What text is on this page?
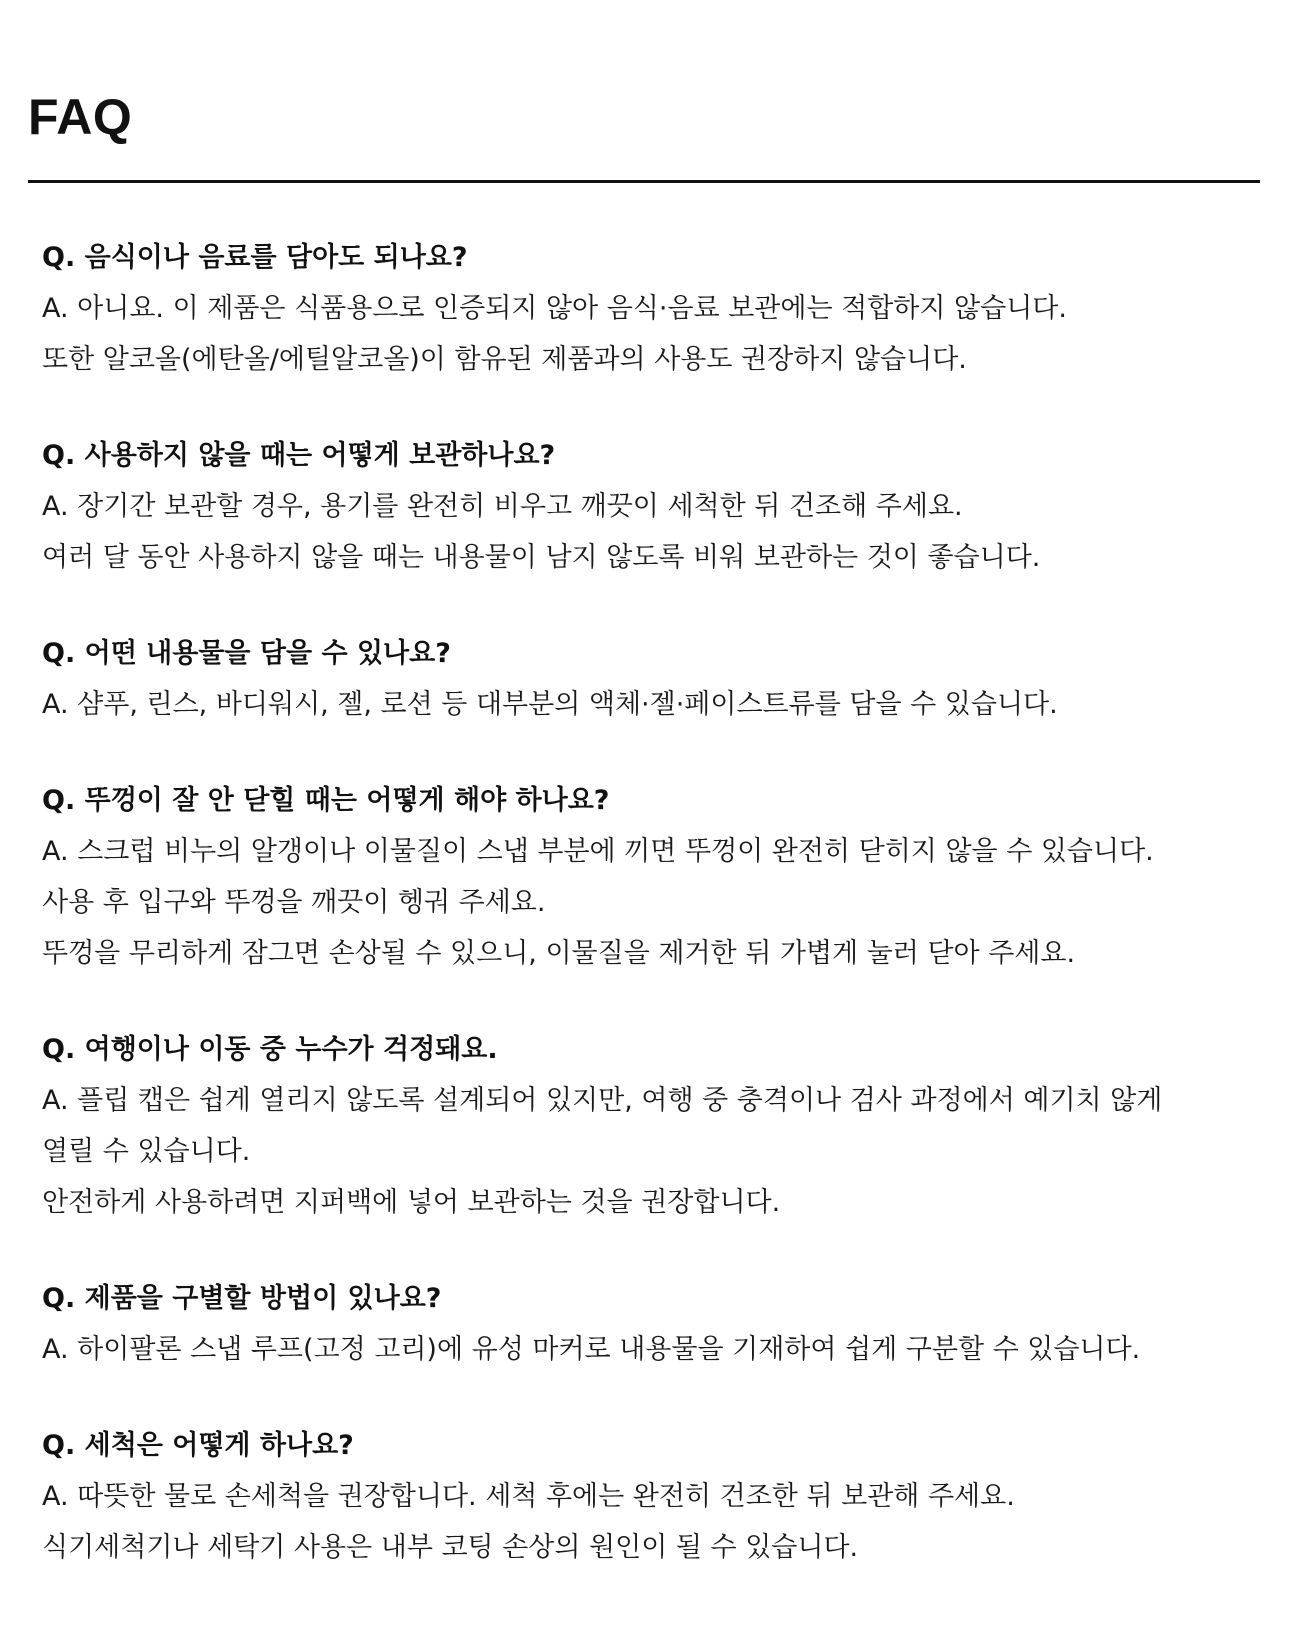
FAQ

Q. 음식이나 음료를 담아도 되나요?

A. 아니요. 이 제품은 식품용으로 인증되지 않아 음식·음료 보관에는 적합하지 않습니다.

또한 알코올(에탄올/에틸알코올)이 함유된 제품과의 사용도 권장하지 않습니다.

Q. 사용하지 않을 때는 어떻게 보관하나요?

A. 장기간 보관할 경우, 용기를 완전히 비우고 깨끗이 세척한 뒤 건조해 주세요.

여러 달 동안 사용하지 않을 때는 내용물이 남지 않도록 비워 보관하는 것이 좋습니다.

Q. 어떤 내용물을 담을 수 있나요?

A. 샴푸, 린스, 바디워시, 젤, 로션 등 대부분의 액체·젤·페이스트류를 담을 수 있습니다.

Q. 뚜껑이 잘 안 닫힐 때는 어떻게 해야 하나요?

A. 스크럽 비누의 알갱이나 이물질이 스냅 부분에 끼면 뚜껑이 완전히 닫히지 않을 수 있습니다.

사용 후 입구와 뚜껑을 깨끗이 헹궈 주세요.

뚜껑을 무리하게 잠그면 손상될 수 있으니, 이물질을 제거한 뒤 가볍게 눌러 닫아 주세요.

Q. 여행이나 이동 중 누수가 걱정돼요.

A. 플립 캡은 쉽게 열리지 않도록 설계되어 있지만, 여행 중 충격이나 검사 과정에서 예기치 않게

열릴 수 있습니다.

안전하게 사용하려면 지퍼백에 넣어 보관하는 것을 권장합니다.

Q. 제품을 구별할 방법이 있나요?

A. 하이팔론 스냅 루프(고정 고리)에 유성 마커로 내용물을 기재하여 쉽게 구분할 수 있습니다.

Q. 세척은 어떻게 하나요?

A. 따뜻한 물로 손세척을 권장합니다. 세척 후에는 완전히 건조한 뒤 보관해 주세요.

식기세척기나 세탁기 사용은 내부 코팅 손상의 원인이 될 수 있습니다.
